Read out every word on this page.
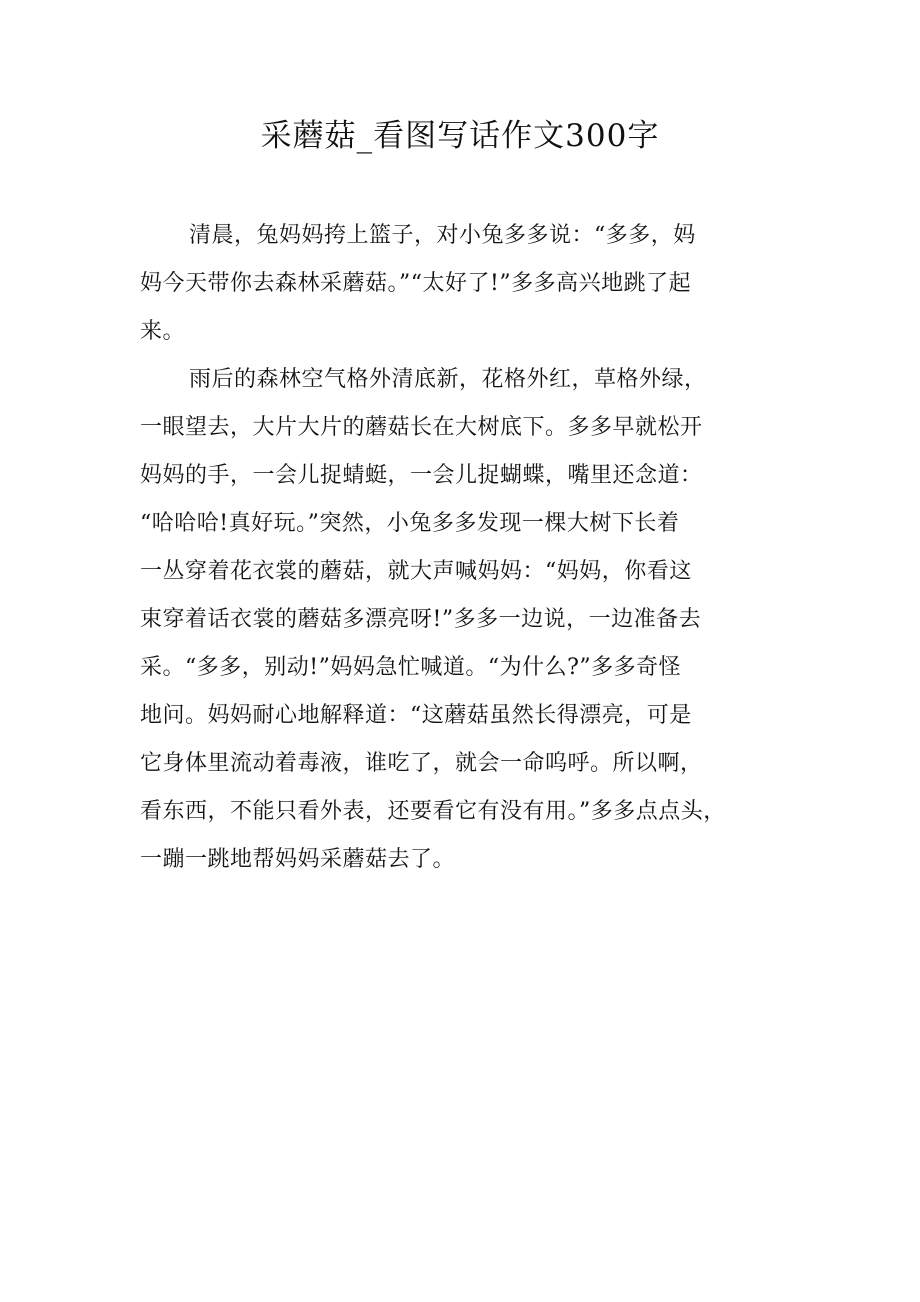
采蘑菇_看图写话作文300字
清晨，兔妈妈挎上篮子，对小兔多多说：“多多，妈
妈今天带你去森林采蘑菇。”“太好了!”多多高兴地跳了起
来。
雨后的森林空气格外清底新，花格外红，草格外绿，
一眼望去，大片大片的蘑菇长在大树底下。多多早就松开
妈妈的手，一会儿捉蜻蜓，一会儿捉蝴蝶，嘴里还念道：
“哈哈哈!真好玩。”突然，小兔多多发现一棵大树下长着
一丛穿着花衣裳的蘑菇，就大声喊妈妈：“妈妈，你看这
束穿着话衣裳的蘑菇多漂亮呀!”多多一边说，一边准备去
采。“多多，别动!”妈妈急忙喊道。“为什么?”多多奇怪
地问。妈妈耐心地解释道：“这蘑菇虽然长得漂亮，可是
它身体里流动着毒液，谁吃了，就会一命呜呼。所以啊，
看东西，不能只看外表，还要看它有没有用。”多多点点头，
一蹦一跳地帮妈妈采蘑菇去了。
